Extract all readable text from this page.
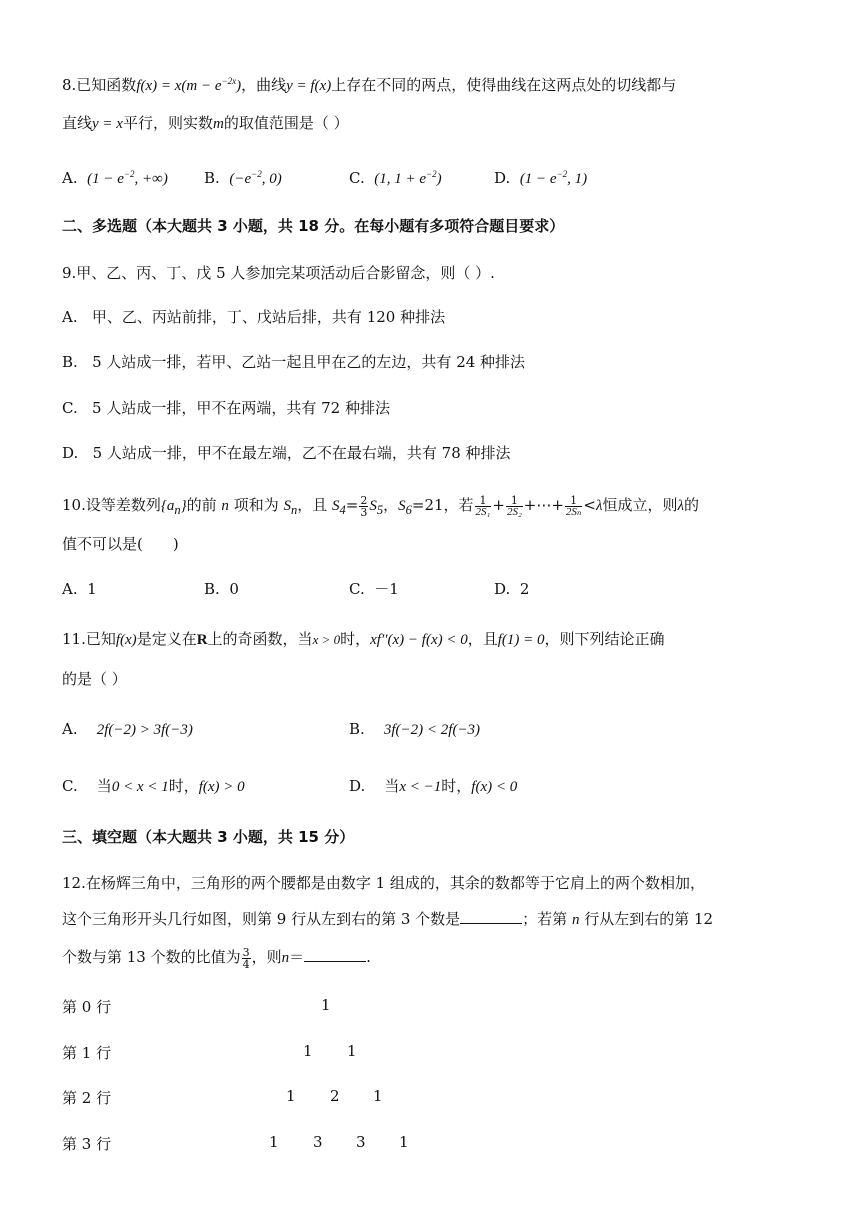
8.已知函数$f(x) = x(m - e^{-2x})$，曲线y = f(x)上存在不同的两点，使得曲线在这两点处的切线都与
直线y = x平行，则实数m的取值范围是（ ）
A. ($1 - e^{-2}$, +∞) B. ($-e^{-2}$, 0)	C. (1, $1 + e^{-2}$)	D. ($1 - e^{-2}$, 1)
二、多选题（本大题共 3 小题，共 18 分。在每小题有多项符合题目要求）
9.甲、乙、丙、丁、戊 5 人参加完某项活动后合影留念，则（ ）.
A. 甲、乙、丙站前排，丁、戊站后排，共有 120 种排法
B. 5 人站成一排，若甲、乙站一起且甲在乙的左边，共有 24 种排法
C. 5 人站成一排，甲不在两端，共有 72 种排法
D. 5 人站成一排，甲不在最左端，乙不在最右端，共有 78 种排法
10.设等差数列$\{a_n\}$的前 n 项和为 $S_n$，且 $S_4= \frac{2}{3} S_5$，$S_6=21$，若 $\frac{1}{\text{2S₁}} + \frac{1}{\text{2S₂}}$ +⋯+ $\frac{1}{\text{2Sₙ}} <\lambda$恒成立，则λ的
值不可以是(　　)
A. 1	B. 0	C. －1	D. 2
11.已知f(x)是定义在R上的奇函数，当x > 0时，xf′′(x) − f(x) < 0，且f(1) = 0，则下列结论正确
的是（ ）
A. 2f(−2) > 3f(−3)	B. 3f(−2) < 2f(−3)
C. 当0 < x < 1时，f(x) > 0	D. 当x < −1时，f(x) < 0
三、填空题（本大题共 3 小题，共 15 分）
12.在杨辉三角中，三角形的两个腰都是由数字 1 组成的，其余的数都等于它肩上的两个数相加，
这个三角形开头几行如图，则第 9 行从左到右的第 3 个数是	；若第 n 行从左到右的第 12
个数与第 13 个数的比值为 $\frac{3}{4}$ ，则n＝	.
第 0 行	1
第 1 行	1 1
第 2 行	1 2 1
第 3 行	1 3 3 1
